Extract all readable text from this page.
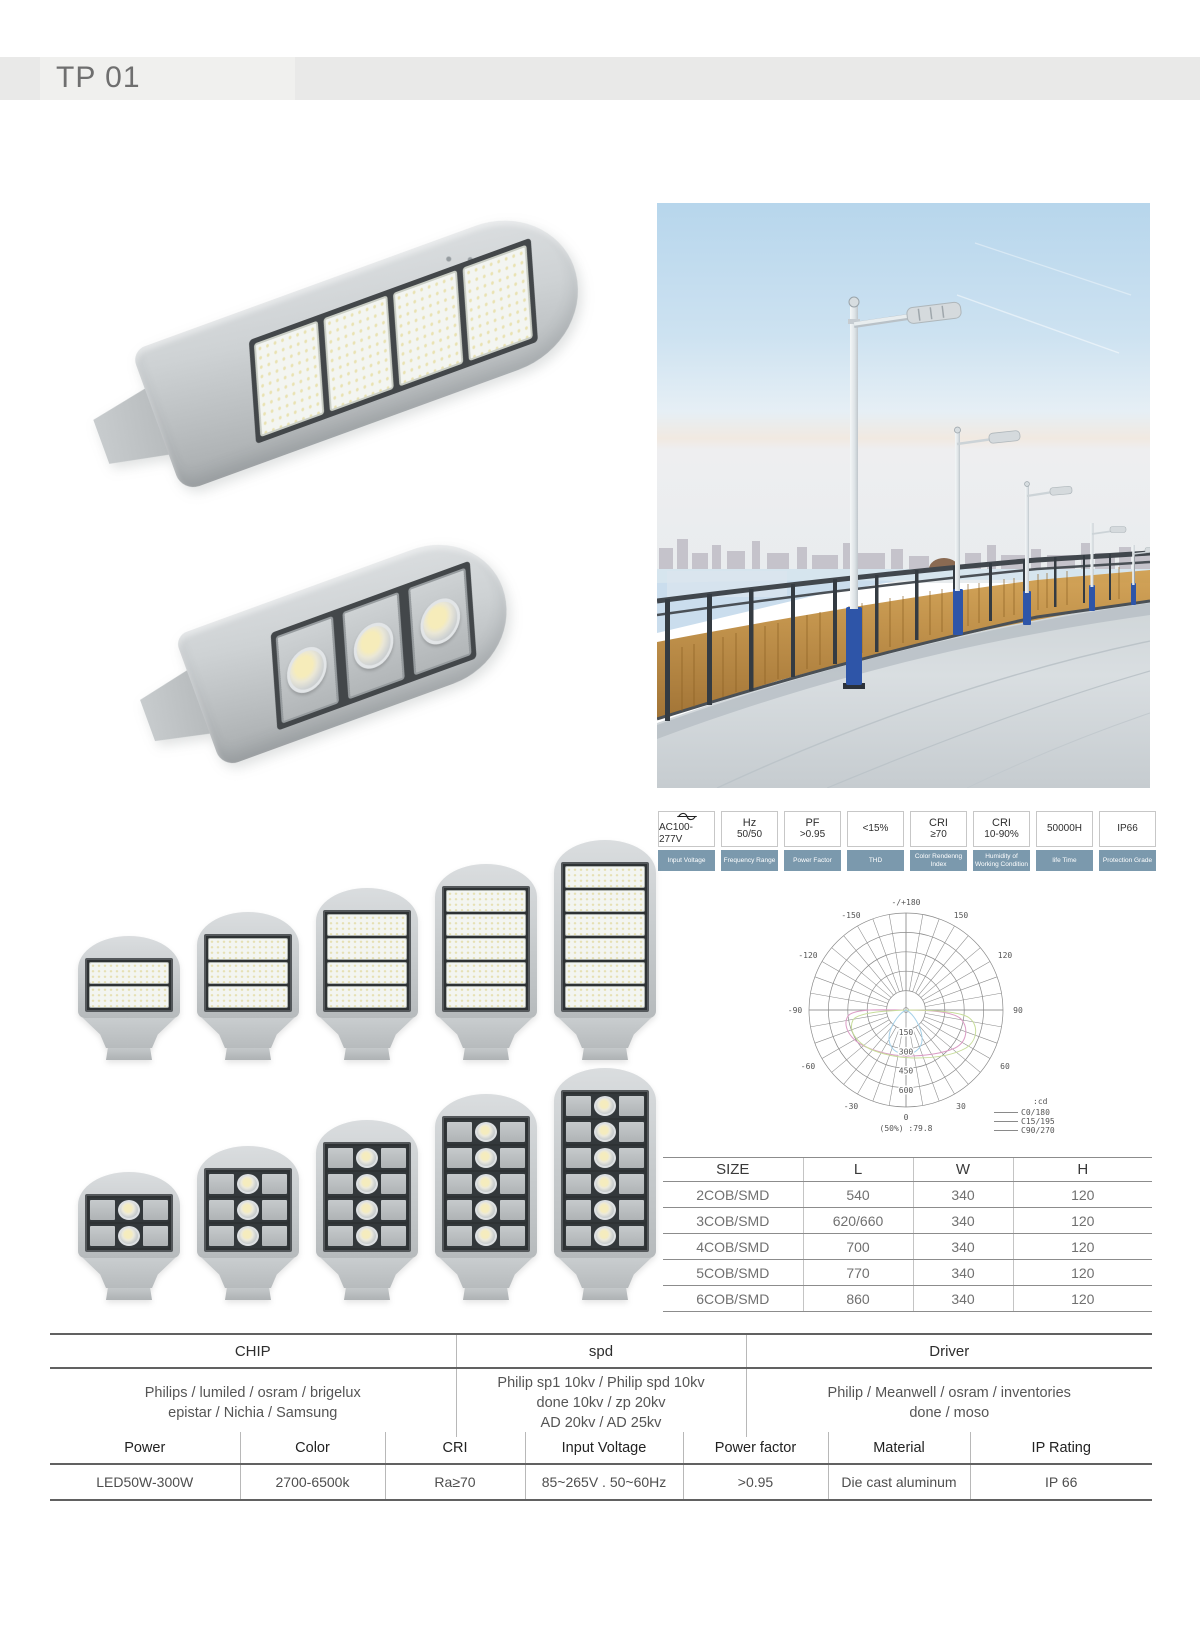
TP 01
AC100-277V
Input Voltage
Hz
50/50
Frequency Range
PF
>0.95
Power Factor
<15%
THD
CRI
≥70
Color Rendenng Index
CRI
10-90%
Humidity of Working Condition
50000H
life Time
IP66
Protection Grade
-/+180
150
-150
120
-120
90
-90
60
-60
30
-30
0
(50%) :79.8
150
300
450
600
:cd
C0/180
C15/195
C90/270
SIZE	L	W	H
2COB/SMD	540	340	120
3COB/SMD	620/660	340	120
4COB/SMD	700	340	120
5COB/SMD	770	340	120
6COB/SMD	860	340	120
CHIP	spd	Driver

Philips / lumiled / osram / brigelux
epistar / Nichia / Samsung

Philip sp1 10kv / Philip spd 10kv
done 10kv / zp 20kv
AD 20kv / AD 25kv

Philip / Meanwell / osram / inventories
done / moso
Power	Color	CRI	Input Voltage	Power factor	Material	IP Rating
LED50W-300W	2700-6500k	Ra≥70	85~265V . 50~60Hz	>0.95	Die cast aluminum	IP 66
